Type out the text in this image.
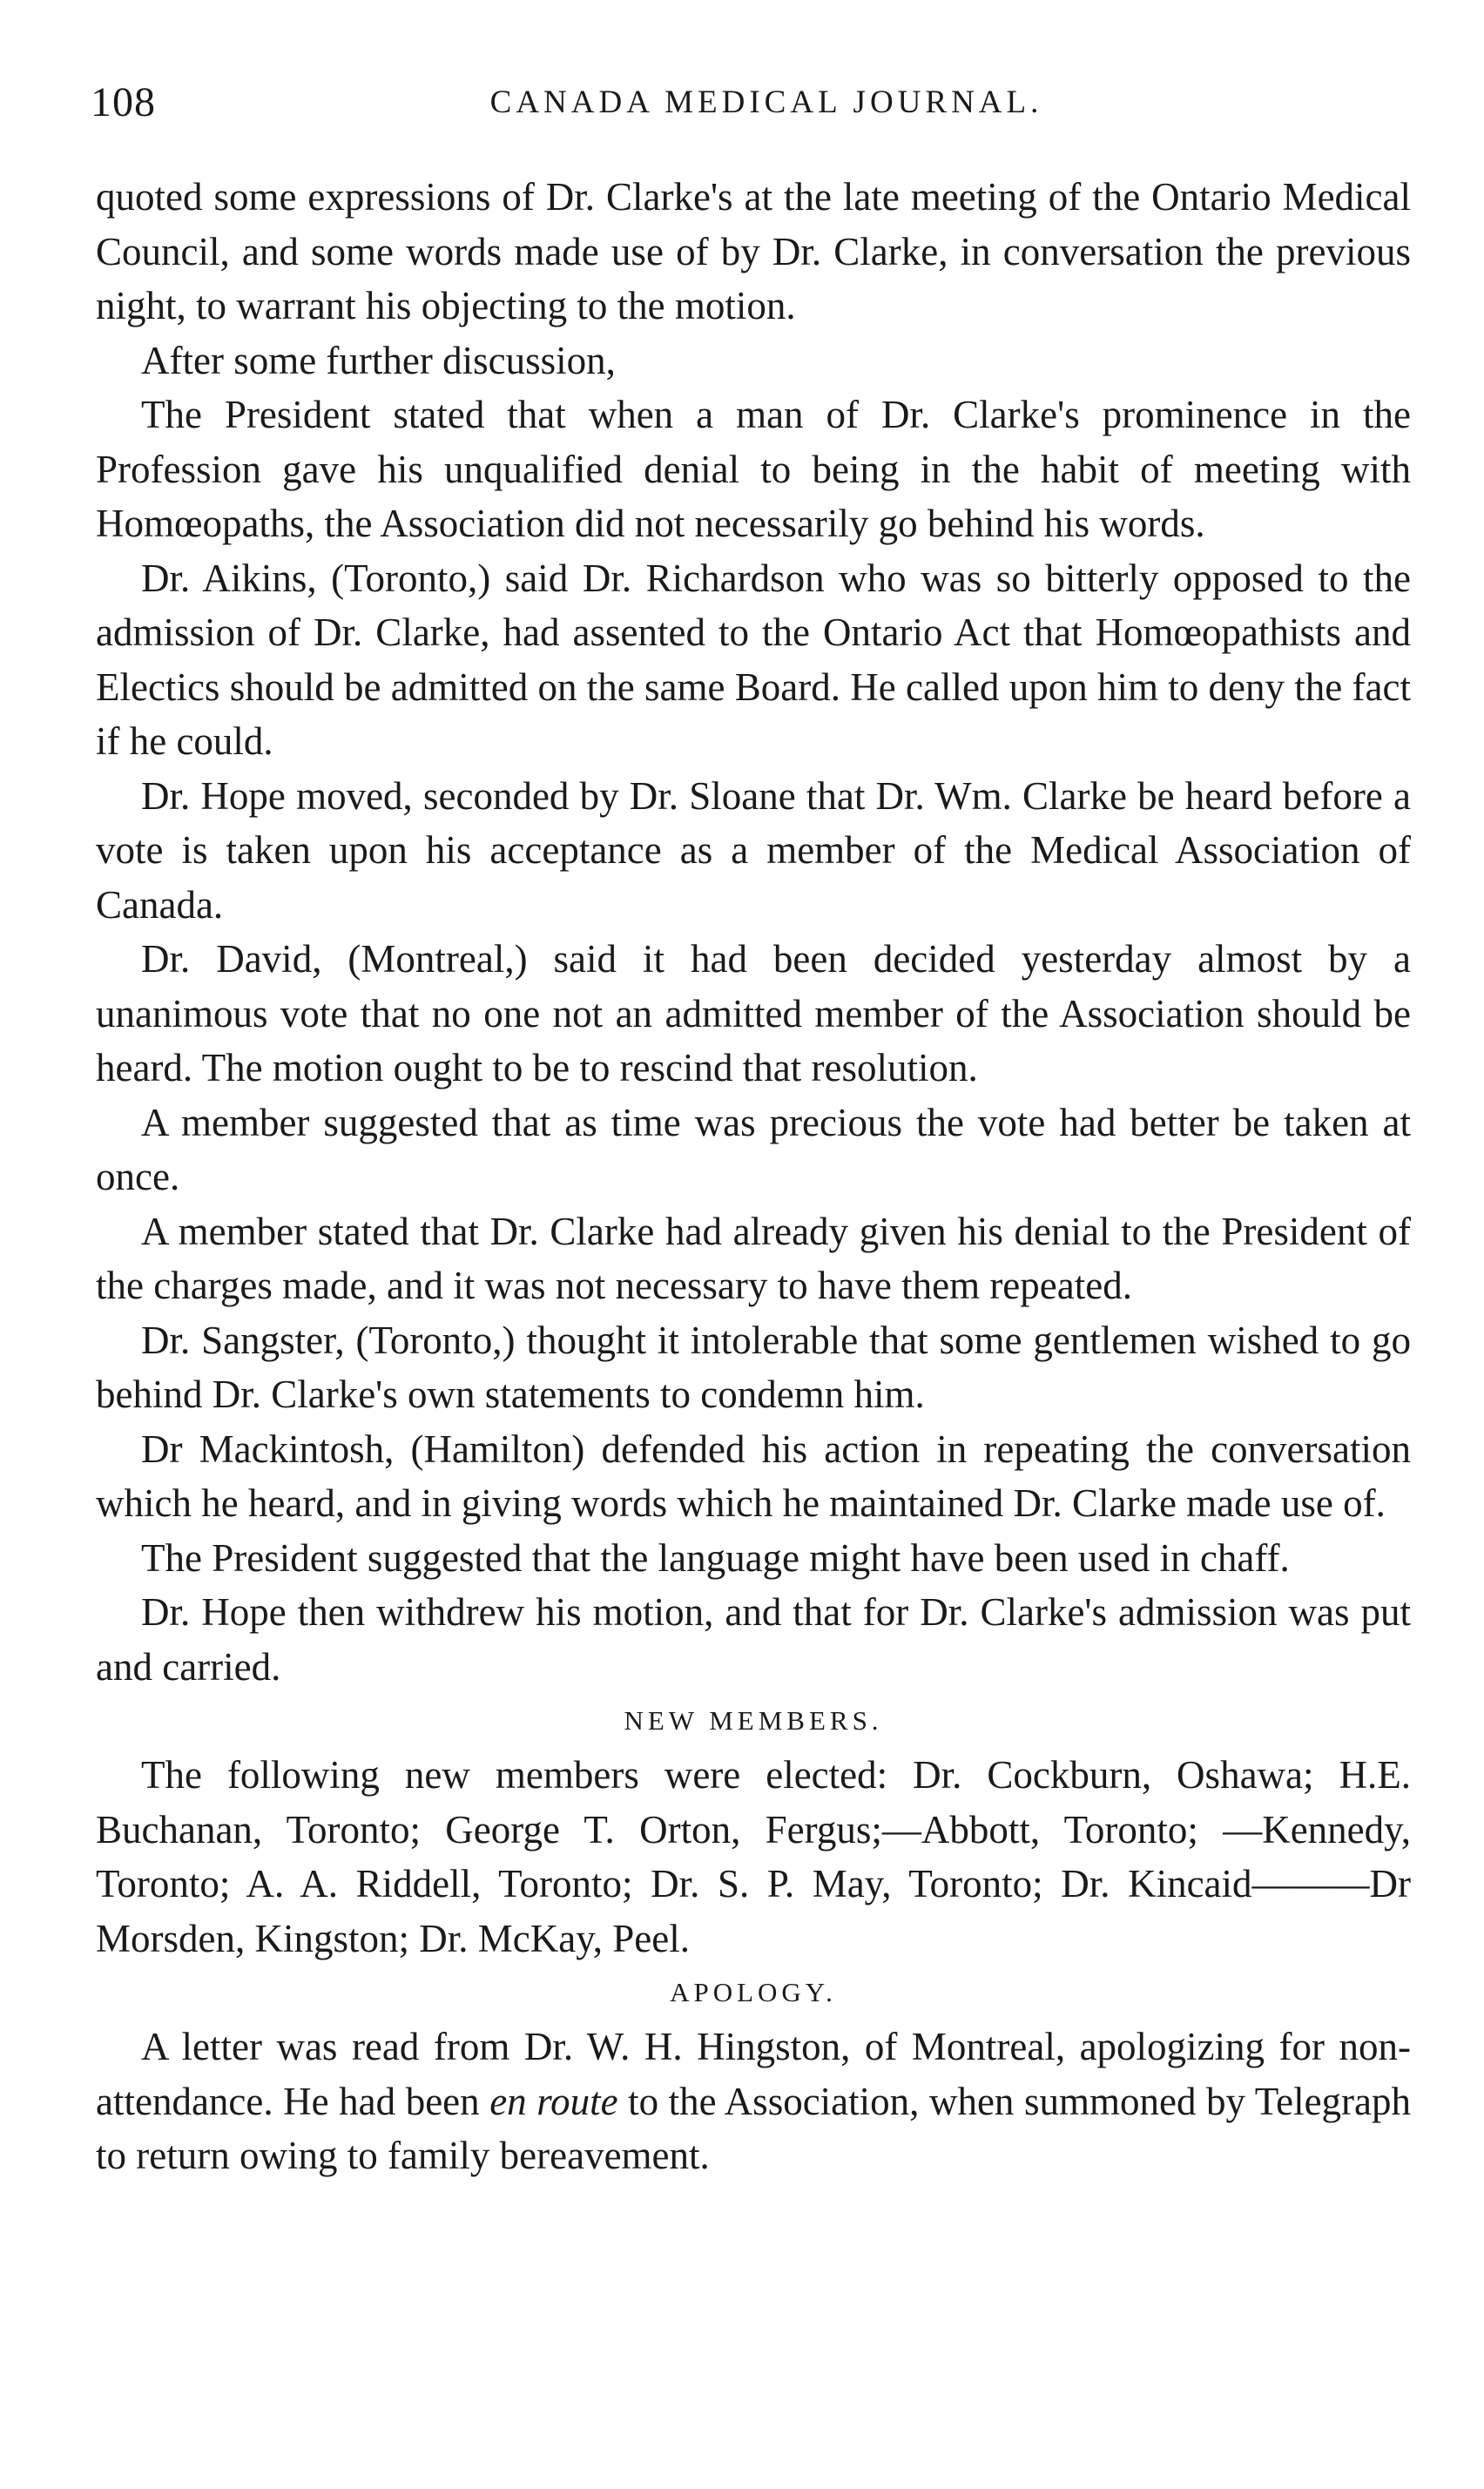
108	CANADA MEDICAL JOURNAL.

quoted some expressions of Dr. Clarke's at the late meeting of the Ontario Medical Council, and some words made use of by Dr. Clarke, in conversation the previous night, to warrant his objecting to the motion.

After some further discussion,

The President stated that when a man of Dr. Clarke's prominence in the Profession gave his unqualified denial to being in the habit of meeting with Homœopaths, the Association did not necessarily go behind his words.

Dr. Aikins, (Toronto,) said Dr. Richardson who was so bitterly opposed to the admission of Dr. Clarke, had assented to the Ontario Act that Homœopathists and Electics should be admitted on the same Board. He called upon him to deny the fact if he could.

Dr. Hope moved, seconded by Dr. Sloane that Dr. Wm. Clarke be heard before a vote is taken upon his acceptance as a member of the Medical Association of Canada.

Dr. David, (Montreal,) said it had been decided yesterday almost by a unanimous vote that no one not an admitted member of the Association should be heard. The motion ought to be to rescind that resolution.

A member suggested that as time was precious the vote had better be taken at once.

A member stated that Dr. Clarke had already given his denial to the President of the charges made, and it was not necessary to have them repeated.

Dr. Sangster, (Toronto,) thought it intolerable that some gentlemen wished to go behind Dr. Clarke's own statements to condemn him.

Dr Mackintosh, (Hamilton) defended his action in repeating the conversation which he heard, and in giving words which he maintained Dr. Clarke made use of.

The President suggested that the language might have been used in chaff.

Dr. Hope then withdrew his motion, and that for Dr. Clarke's admission was put and carried.

NEW MEMBERS.

The following new members were elected: Dr. Cockburn, Oshawa; H.E. Buchanan, Toronto; George T. Orton, Fergus;—Abbott, Toronto; —Kennedy, Toronto; A. A. Riddell, Toronto; Dr. S. P. May, Toronto; Dr. Kincaid———Dr Morsden, Kingston; Dr. McKay, Peel.

APOLOGY.

A letter was read from Dr. W. H. Hingston, of Montreal, apologizing for non-attendance. He had been en route to the Association, when summoned by Telegraph to return owing to family bereavement.
